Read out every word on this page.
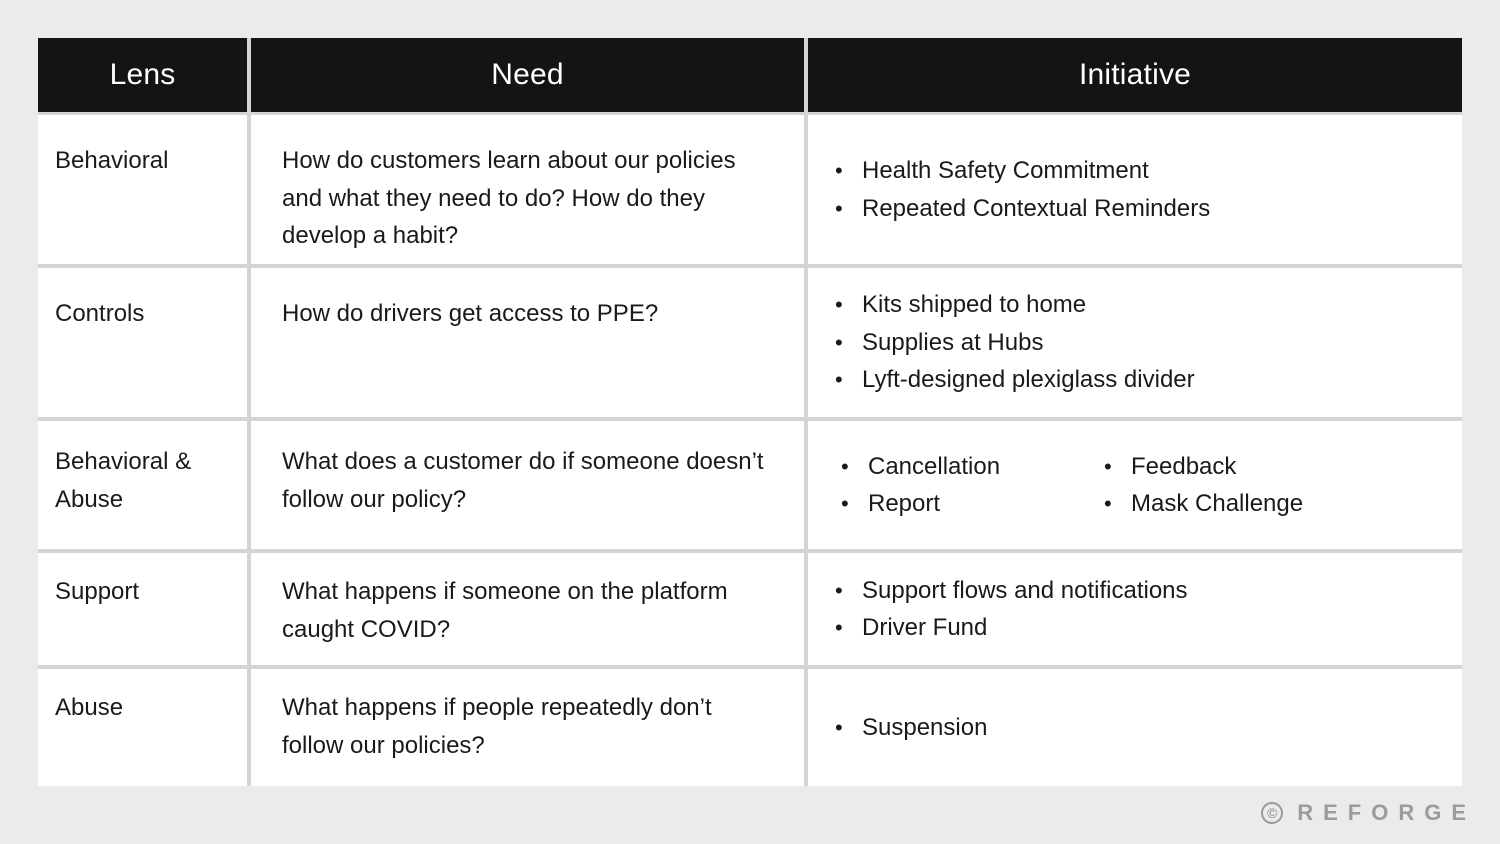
Lens	Need	Initiative
Behavioral	How do customers learn about our policies and what they need to do? How do they develop a habit?
• Health Safety Commitment
• Repeated Contextual Reminders
Controls	How do drivers get access to PPE?
•	Kits shipped to home
• Supplies at Hubs
• Lyft-designed plexiglass divider
Behavioral & Abuse
What does a customer do if someone doesn’t follow our policy?
• Cancellation
• Report
• Feedback
• Mask Challenge
Support	What happens if someone on the platform caught COVID?
• Support flows and notifications
• Driver Fund
Abuse	What happens if people repeatedly don’t follow our policies?
• Suspension
© REFORGE
